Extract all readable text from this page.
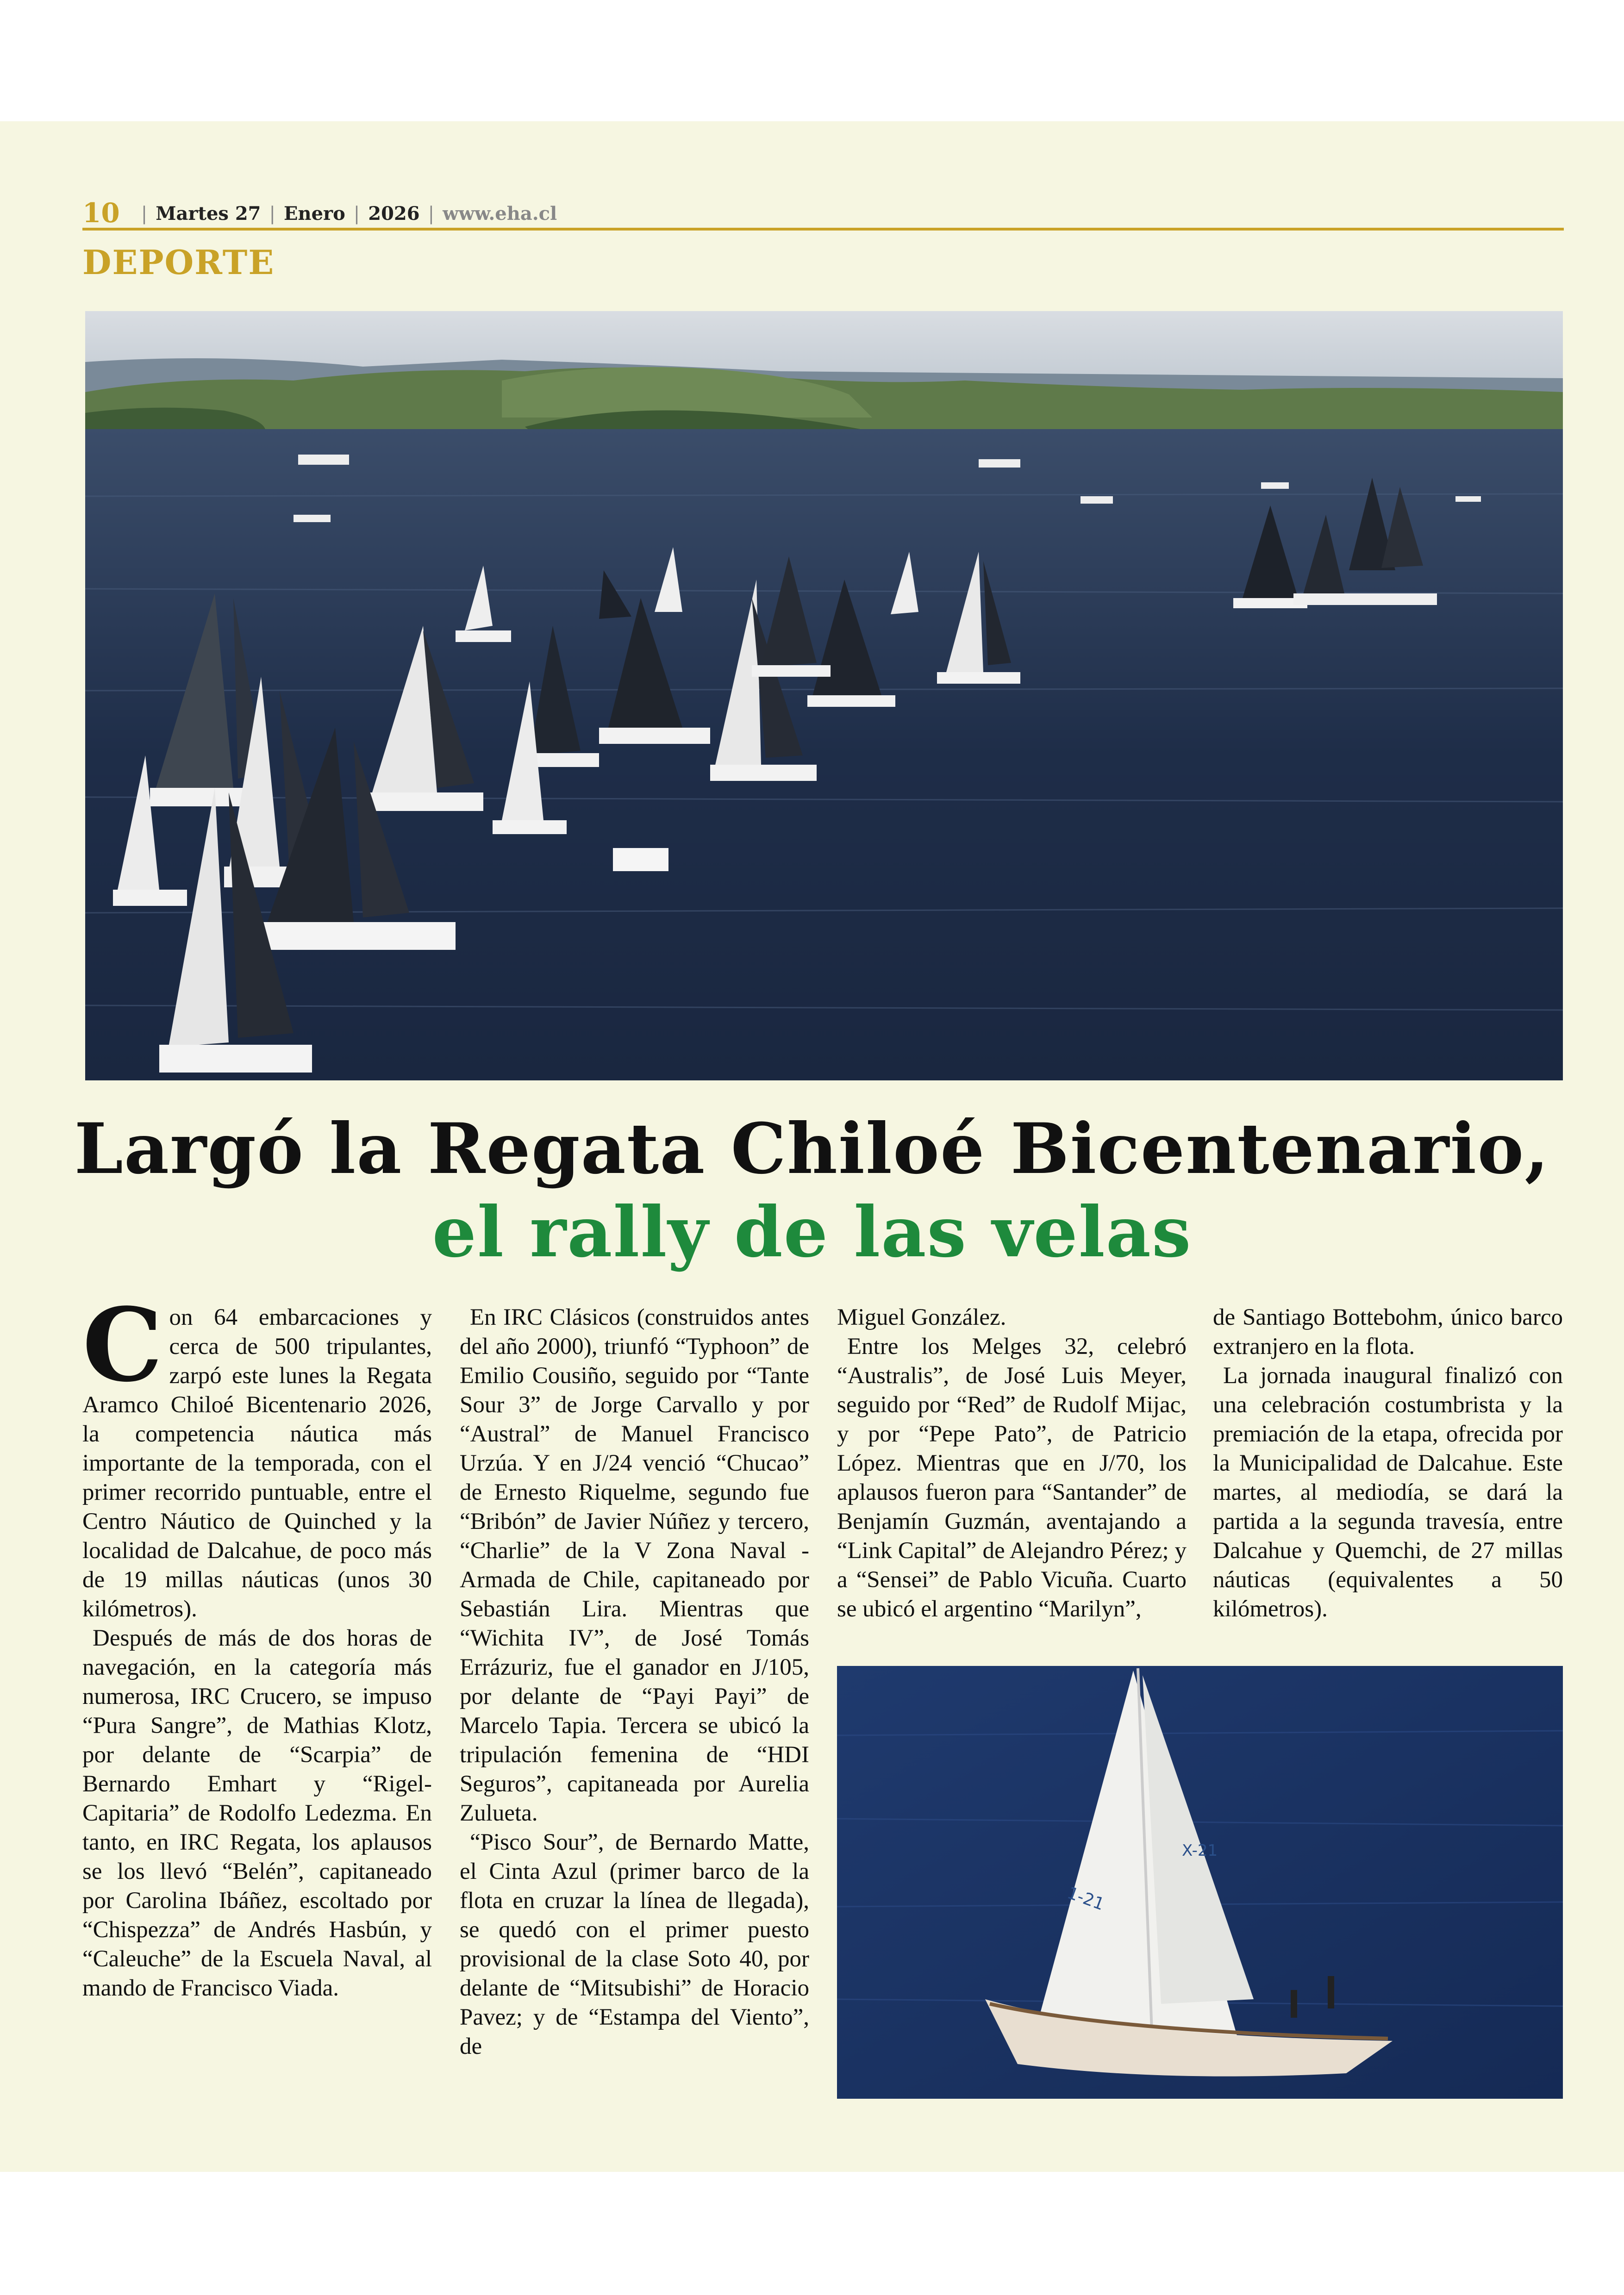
10 | Martes 27 | Enero | 2026 | www.eha.cl
DEPORTE
Largó la Regata Chiloé Bicentenario,
el rally de las velas

Con 64 embarcaciones y cerca de 500 tripulantes, zarpó este lunes la Regata Aramco Chiloé Bicentenario 2026, la competencia náutica más importante de la temporada, con el primer recorrido puntuable, entre el Centro Náutico de Quinched y la localidad de Dalcahue, de poco más de 19 millas náuticas (unos 30 kilómetros).

Después de más de dos horas de navegación, en la categoría más numerosa, IRC Crucero, se impuso “Pura Sangre”, de Mathias Klotz, por delante de “Scarpia” de Bernardo Emhart y “Rigel-Capitaria” de Rodolfo Ledezma. En tanto, en IRC Regata, los aplausos se los llevó “Belén”, capitaneado por Carolina Ibáñez, escoltado por “Chispezza” de Andrés Hasbún, y “Caleuche” de la Escuela Naval, al mando de Francisco Viada.

En IRC Clásicos (construidos antes del año 2000), triunfó “Typhoon” de Emilio Cousiño, seguido por “Tante Sour 3” de Jorge Carvallo y por “Austral” de Manuel Francisco Urzúa. Y en J/24 venció “Chucao” de Ernesto Riquelme, segundo fue “Bribón” de Javier Núñez y tercero, “Charlie” de la V Zona Naval - Armada de Chile, capitaneado por Sebastián Lira. Mientras que “Wichita IV”, de José Tomás Errázuriz, fue el ganador en J/105, por delante de “Payi Payi” de Marcelo Tapia. Tercera se ubicó la tripulación femenina de “HDI Seguros”, capitaneada por Aurelia Zulueta.

“Pisco Sour”, de Bernardo Matte, el Cinta Azul (primer barco de la flota en cruzar la línea de llegada), se quedó con el primer puesto provisional de la clase Soto 40, por delante de “Mitsubishi” de Horacio Pavez; y de “Estampa del Viento”, de

Miguel González.

Entre los Melges 32, celebró “Australis”, de José Luis Meyer, seguido por “Red” de Rudolf Mijac, y por “Pepe Pato”, de Patricio López. Mientras que en J/70, los aplausos fueron para “Santander” de Benjamín Guzmán, aventajando a “Link Capital” de Alejandro Pérez; y a “Sensei” de Pablo Vicuña. Cuarto se ubicó el argentino “Marilyn”,

de Santiago Bottebohm, único barco extranjero en la flota.

La jornada inaugural finalizó con una celebración costumbrista y la premiación de la etapa, ofrecida por la Municipalidad de Dalcahue. Este martes, al mediodía, se dará la partida a la segunda travesía, entre Dalcahue y Quemchi, de 27 millas náuticas (equivalentes a 50 kilómetros).

1-21
X-21
